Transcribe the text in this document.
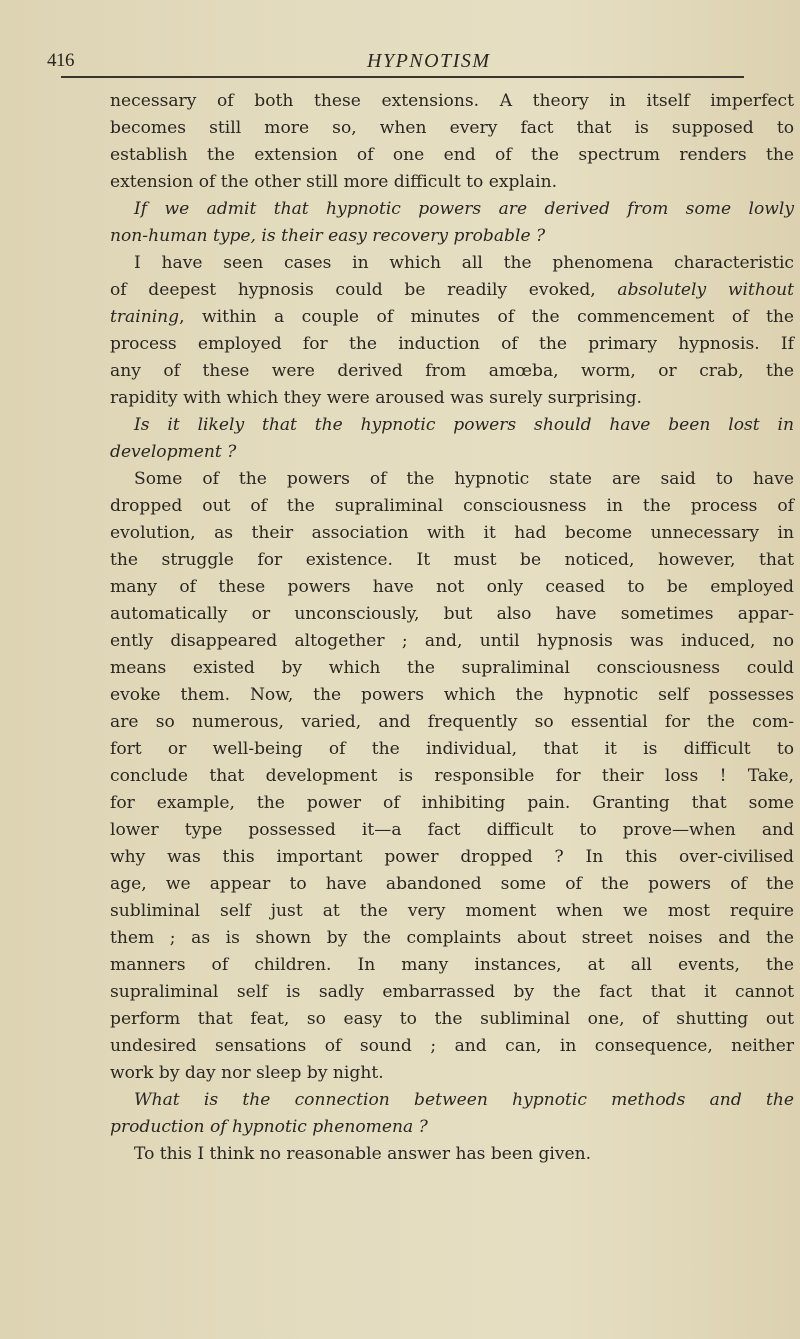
416	HYPNOTISM
necessary of both these extensions. A theory in itself imperfect
becomes still more so, when every fact that is supposed to
establish the extension of one end of the spectrum renders the
extension of the other still more difficult to explain.
If we admit that hypnotic powers are derived from some lowly
non-human type, is their easy recovery probable ?
I have seen cases in which all the phenomena characteristic
of deepest hypnosis could be readily evoked, absolutely without
training, within a couple of minutes of the commencement of the
process employed for the induction of the primary hypnosis. If
any of these were derived from amœba, worm, or crab, the
rapidity with which they were aroused was surely surprising.
Is it likely that the hypnotic powers should have been lost in
development ?
Some of the powers of the hypnotic state are said to have
dropped out of the supraliminal consciousness in the process of
evolution, as their association with it had become unnecessary in
the struggle for existence. It must be noticed, however, that
many of these powers have not only ceased to be employed
automatically or unconsciously, but also have sometimes appar-
ently disappeared altogether ; and, until hypnosis was induced, no
means existed by which the supraliminal consciousness could
evoke them. Now, the powers which the hypnotic self possesses
are so numerous, varied, and frequently so essential for the com-
fort or well-being of the individual, that it is difficult to
conclude that development is responsible for their loss ! Take,
for example, the power of inhibiting pain. Granting that some
lower type possessed it—a fact difficult to prove—when and
why was this important power dropped ? In this over-civilised
age, we appear to have abandoned some of the powers of the
subliminal self just at the very moment when we most require
them ; as is shown by the complaints about street noises and the
manners of children. In many instances, at all events, the
supraliminal self is sadly embarrassed by the fact that it cannot
perform that feat, so easy to the subliminal one, of shutting out
undesired sensations of sound ; and can, in consequence, neither
work by day nor sleep by night.
What is the connection between hypnotic methods and the
production of hypnotic phenomena ?
To this I think no reasonable answer has been given.
